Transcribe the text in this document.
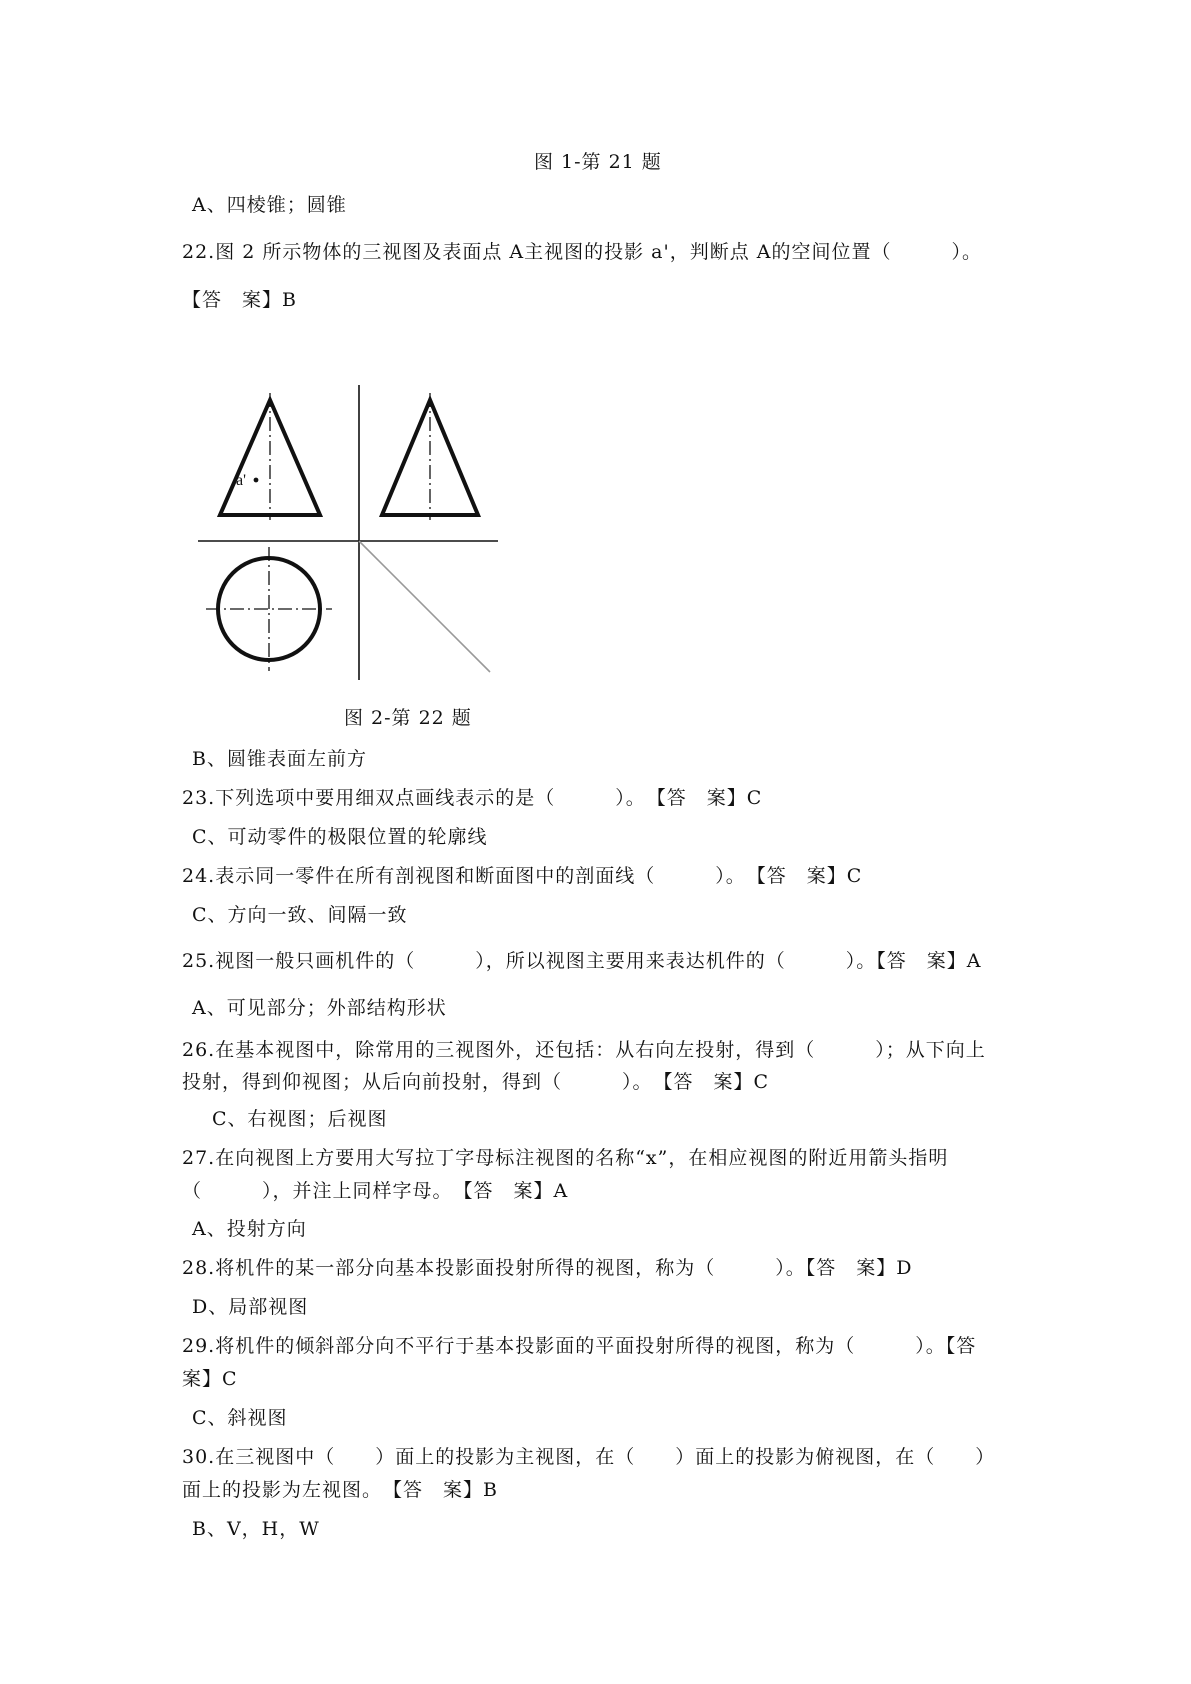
图 1-第 21 题
A、四棱锥；圆锥
22.图 2 所示物体的三视图及表面点 A主视图的投影 a'，判断点 A的空间位置（　　　）。
【答　案】B
a'
图 2-第 22 题
B、圆锥表面左前方
23.下列选项中要用细双点画线表示的是（　　　）。　【答　案】C
C、可动零件的极限位置的轮廓线
24.表示同一零件在所有剖视图和断面图中的剖面线（　　　）。　【答　案】C
C、方向一致、间隔一致
25.视图一般只画机件的（　　　），所以视图主要用来表达机件的（　　　）。【答　案】A
A、可见部分；外部结构形状
26.在基本视图中，除常用的三视图外，还包括：从右向左投射，得到（　　　）；从下向上
投射，得到仰视图；从后向前投射，得到（　　　）。　【答　案】C
C、右视图；后视图
27.在向视图上方要用大写拉丁字母标注视图的名称“x”，在相应视图的附近用箭头指明
（　　　），并注上同样字母。　【答　案】A
A、投射方向
28.将机件的某一部分向基本投影面投射所得的视图，称为（　　　）。【答　案】D
D、局部视图
29.将机件的倾斜部分向不平行于基本投影面的平面投射所得的视图，称为（　　　）。【答
案】C
C、斜视图
30.在三视图中（　　）面上的投影为主视图，在（　　）面上的投影为俯视图，在（　　）
面上的投影为左视图。　【答　案】B
B、V，H，W
